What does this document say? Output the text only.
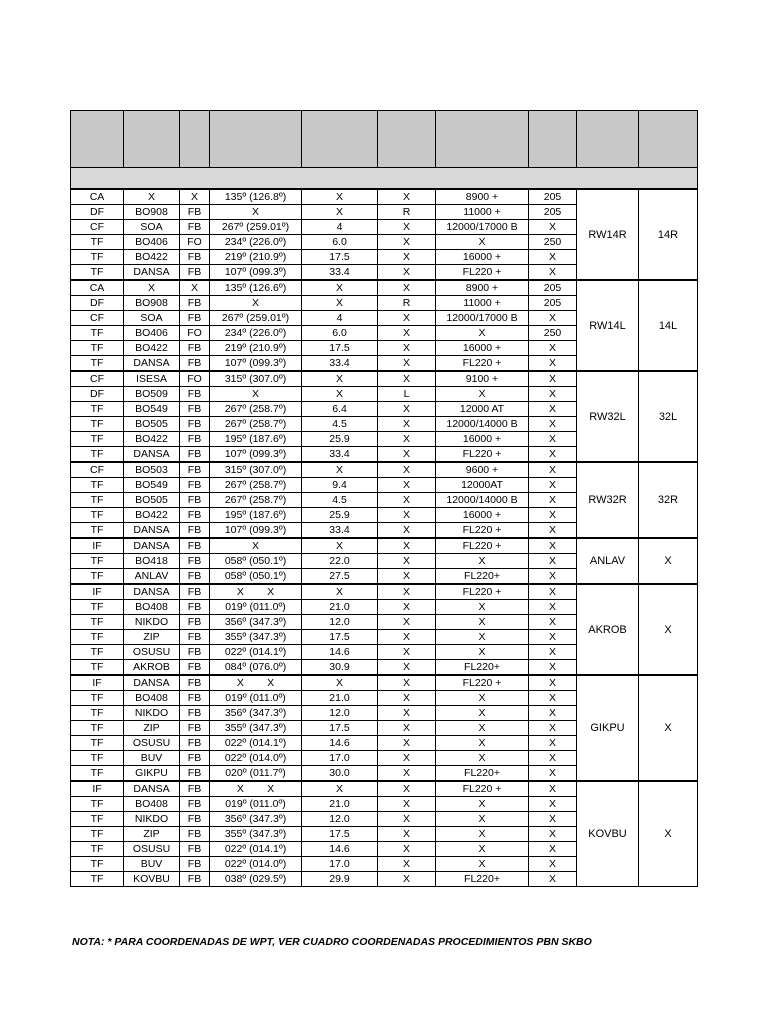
CA	X	X	135º (126.8º)	X	X	8900 +	205	RW14R	14R
DF	BO908	FB	X	X	R	11000 +	205		
CF	SOA	FB	267º (259.01º)	4	X	12000/17000 B	X		
TF	BO406	FO	234º (226.0º)	6.0	X	X	250		
TF	BO422	FB	219º (210.9º)	17.5	X	16000 +	X		
TF	DANSA	FB	107º (099.3º)	33.4	X	FL220 +	X		
CA	X	X	135º (126.6º)	X	X	8900 +	205	RW14L	14L
DF	BO908	FB	X	X	R	11000 +	205		
CF	SOA	FB	267º (259.01º)	4	X	12000/17000 B	X		
TF	BO406	FO	234º (226.0º)	6.0	X	X	250		
TF	BO422	FB	219º (210.9º)	17.5	X	16000 +	X		
TF	DANSA	FB	107º (099.3º)	33.4	X	FL220 +	X		
CF	ISESA	FO	315º (307.0º)	X	X	9100 +	X	RW32L	32L
DF	BO509	FB	X	X	L	X	X		
TF	BO549	FB	267º (258.7º)	6.4	X	12000 AT	X		
TF	BO505	FB	267º (258.7º)	4.5	X	12000/14000 B	X		
TF	BO422	FB	195º (187.6º)	25.9	X	16000 +	X		
TF	DANSA	FB	107º (099.3º)	33.4	X	FL220 +	X		
CF	BO503	FB	315º (307.0º)	X	X	9600 +	X	RW32R	32R
TF	BO549	FB	267º (258.7º)	9.4	X	12000AT	X		
TF	BO505	FB	267º (258.7º)	4.5	X	12000/14000 B	X		
TF	BO422	FB	195º (187.6º)	25.9	X	16000 +	X		
TF	DANSA	FB	107º (099.3º)	33.4	X	FL220 +	X		
IF	DANSA	FB	X	X	X	FL220 +	X	ANLAV	X
TF	BO418	FB	058º (050.1º)	22.0	X	X	X		
TF	ANLAV	FB	058º (050.1º)	27.5	X	FL220+	X		
IF	DANSA	FB	X        X	X	X	FL220 +	X	AKROB	X
TF	BO408	FB	019º (011.0º)	21.0	X	X	X		
TF	NIKDO	FB	356º (347.3º)	12.0	X	X	X		
TF	ZIP	FB	355º (347.3º)	17.5	X	X	X		
TF	OSUSU	FB	022º (014.1º)	14.6	X	X	X		
TF	AKROB	FB	084º (076.0º)	30.9	X	FL220+	X		
IF	DANSA	FB	X        X	X	X	FL220 +	X	GIKPU	X
TF	BO408	FB	019º (011.0º)	21.0	X	X	X		
TF	NIKDO	FB	356º (347.3º)	12.0	X	X	X		
TF	ZIP	FB	355º (347.3º)	17.5	X	X	X		
TF	OSUSU	FB	022º (014.1º)	14.6	X	X	X		
TF	BUV	FB	022º (014.0º)	17.0	X	X	X		
TF	GIKPU	FB	020º (011.7º)	30.0	X	FL220+	X		
IF	DANSA	FB	X        X	X	X	FL220 +	X	KOVBU	X
TF	BO408	FB	019º (011.0º)	21.0	X	X	X		
TF	NIKDO	FB	356º (347.3º)	12.0	X	X	X		
TF	ZIP	FB	355º (347.3º)	17.5	X	X	X		
TF	OSUSU	FB	022º (014.1º)	14.6	X	X	X		
TF	BUV	FB	022º (014.0º)	17.0	X	X	X		
TF	KOVBU	FB	038º (029.5º)	29.9	X	FL220+	X		
NOTA: * PARA COORDENADAS DE WPT, VER CUADRO COORDENADAS PROCEDIMIENTOS PBN SKBO
